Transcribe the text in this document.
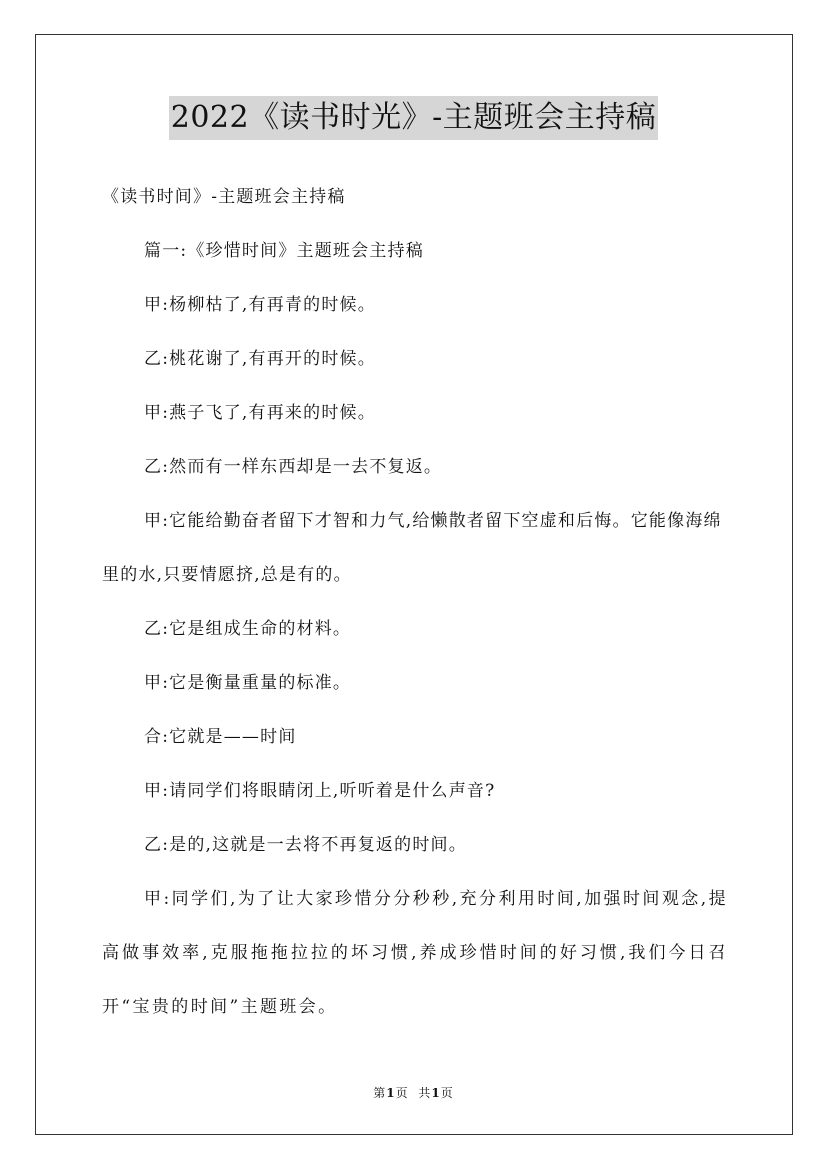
2022《读书时光》-主题班会主持稿

《读书时间》-主题班会主持稿

篇一:《珍惜时间》主题班会主持稿

甲:杨柳枯了,有再青的时候。

乙:桃花谢了,有再开的时候。

甲:燕子飞了,有再来的时候。

乙:然而有一样东西却是一去不复返。

甲:它能给勤奋者留下才智和力气,给懒散者留下空虚和后悔。它能像海绵里的水,只要情愿挤,总是有的。

乙:它是组成生命的材料。

甲:它是衡量重量的标准。

合:它就是——时间

甲:请同学们将眼睛闭上,听听着是什么声音?

乙:是的,这就是一去将不再复返的时间。

甲:同学们,为了让大家珍惜分分秒秒,充分利用时间,加强时间观念,提高做事效率,克服拖拖拉拉的坏习惯,养成珍惜时间的好习惯,我们今日召开“宝贵的时间”主题班会。

第1页 共1页
